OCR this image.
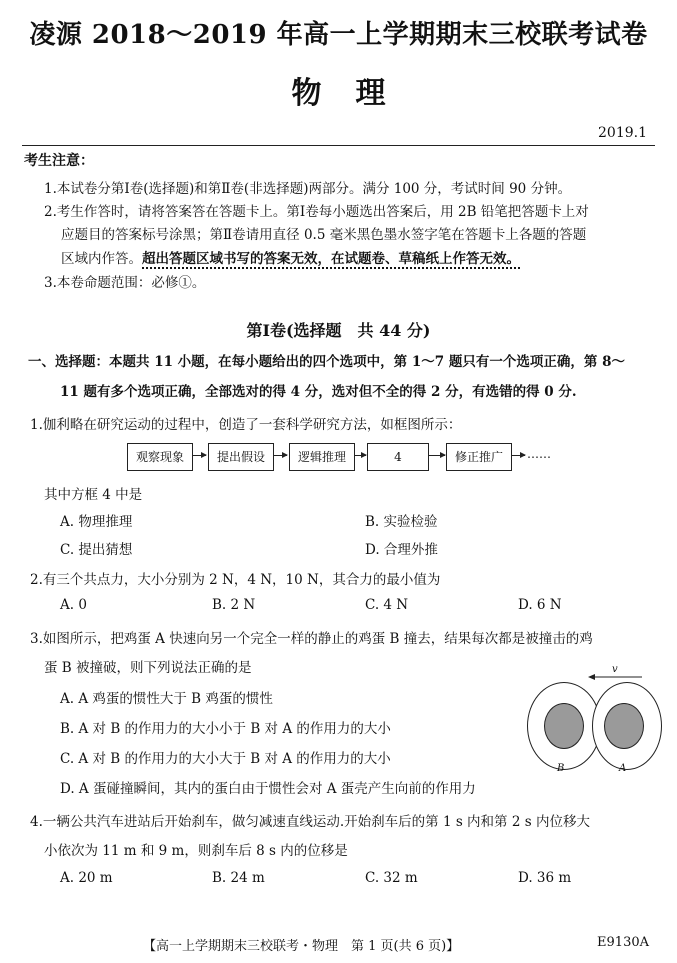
凌源 2018～2019 年高一上学期期末三校联考试卷
物理
2019.1
考生注意：
1.本试卷分第Ⅰ卷(选择题)和第Ⅱ卷(非选择题)两部分。满分 100 分，考试时间 90 分钟。
2.考生作答时，请将答案答在答题卡上。第Ⅰ卷每小题选出答案后，用 2B 铅笔把答题卡上对
应题目的答案标号涂黑；第Ⅱ卷请用直径 0.5 毫米黑色墨水签字笔在答题卡上各题的答题
区域内作答。超出答题区域书写的答案无效，在试题卷、草稿纸上作答无效。
3.本卷命题范围：必修①。
第Ⅰ卷(选择题　共 44 分)
一、选择题：本题共 11 小题，在每小题给出的四个选项中，第 1～7 题只有一个选项正确，第 8～
11 题有多个选项正确，全部选对的得 4 分，选对但不全的得 2 分，有选错的得 0 分.
1.伽利略在研究运动的过程中，创造了一套科学研究方法，如框图所示：
观察现象	提出假设	逻辑推理	4	修正推广	……
其中方框 4 中是
A. 物理推理	B. 实验检验
C. 提出猜想	D. 合理外推
2.有三个共点力，大小分别为 2 N，4 N，10 N，其合力的最小值为
A. 0	B. 2 N	C. 4 N	D. 6 N
3.如图所示，把鸡蛋 A 快速向另一个完全一样的静止的鸡蛋 B 撞去，结果每次都是被撞击的鸡
蛋 B 被撞破，则下列说法正确的是
A. A 鸡蛋的惯性大于 B 鸡蛋的惯性
B. A 对 B 的作用力的大小小于 B 对 A 的作用力的大小
C. A 对 B 的作用力的大小大于 B 对 A 的作用力的大小
D. A 蛋碰撞瞬间，其内的蛋白由于惯性会对 A 蛋壳产生向前的作用力
v
B	A
4.一辆公共汽车进站后开始刹车，做匀减速直线运动.开始刹车后的第 1 s 内和第 2 s 内位移大
小依次为 11 m 和 9 m，则刹车后 8 s 内的位移是
A. 20 m	B. 24 m	C. 32 m	D. 36 m
【高一上学期期末三校联考・物理　第 1 页(共 6 页)】	E9130A
